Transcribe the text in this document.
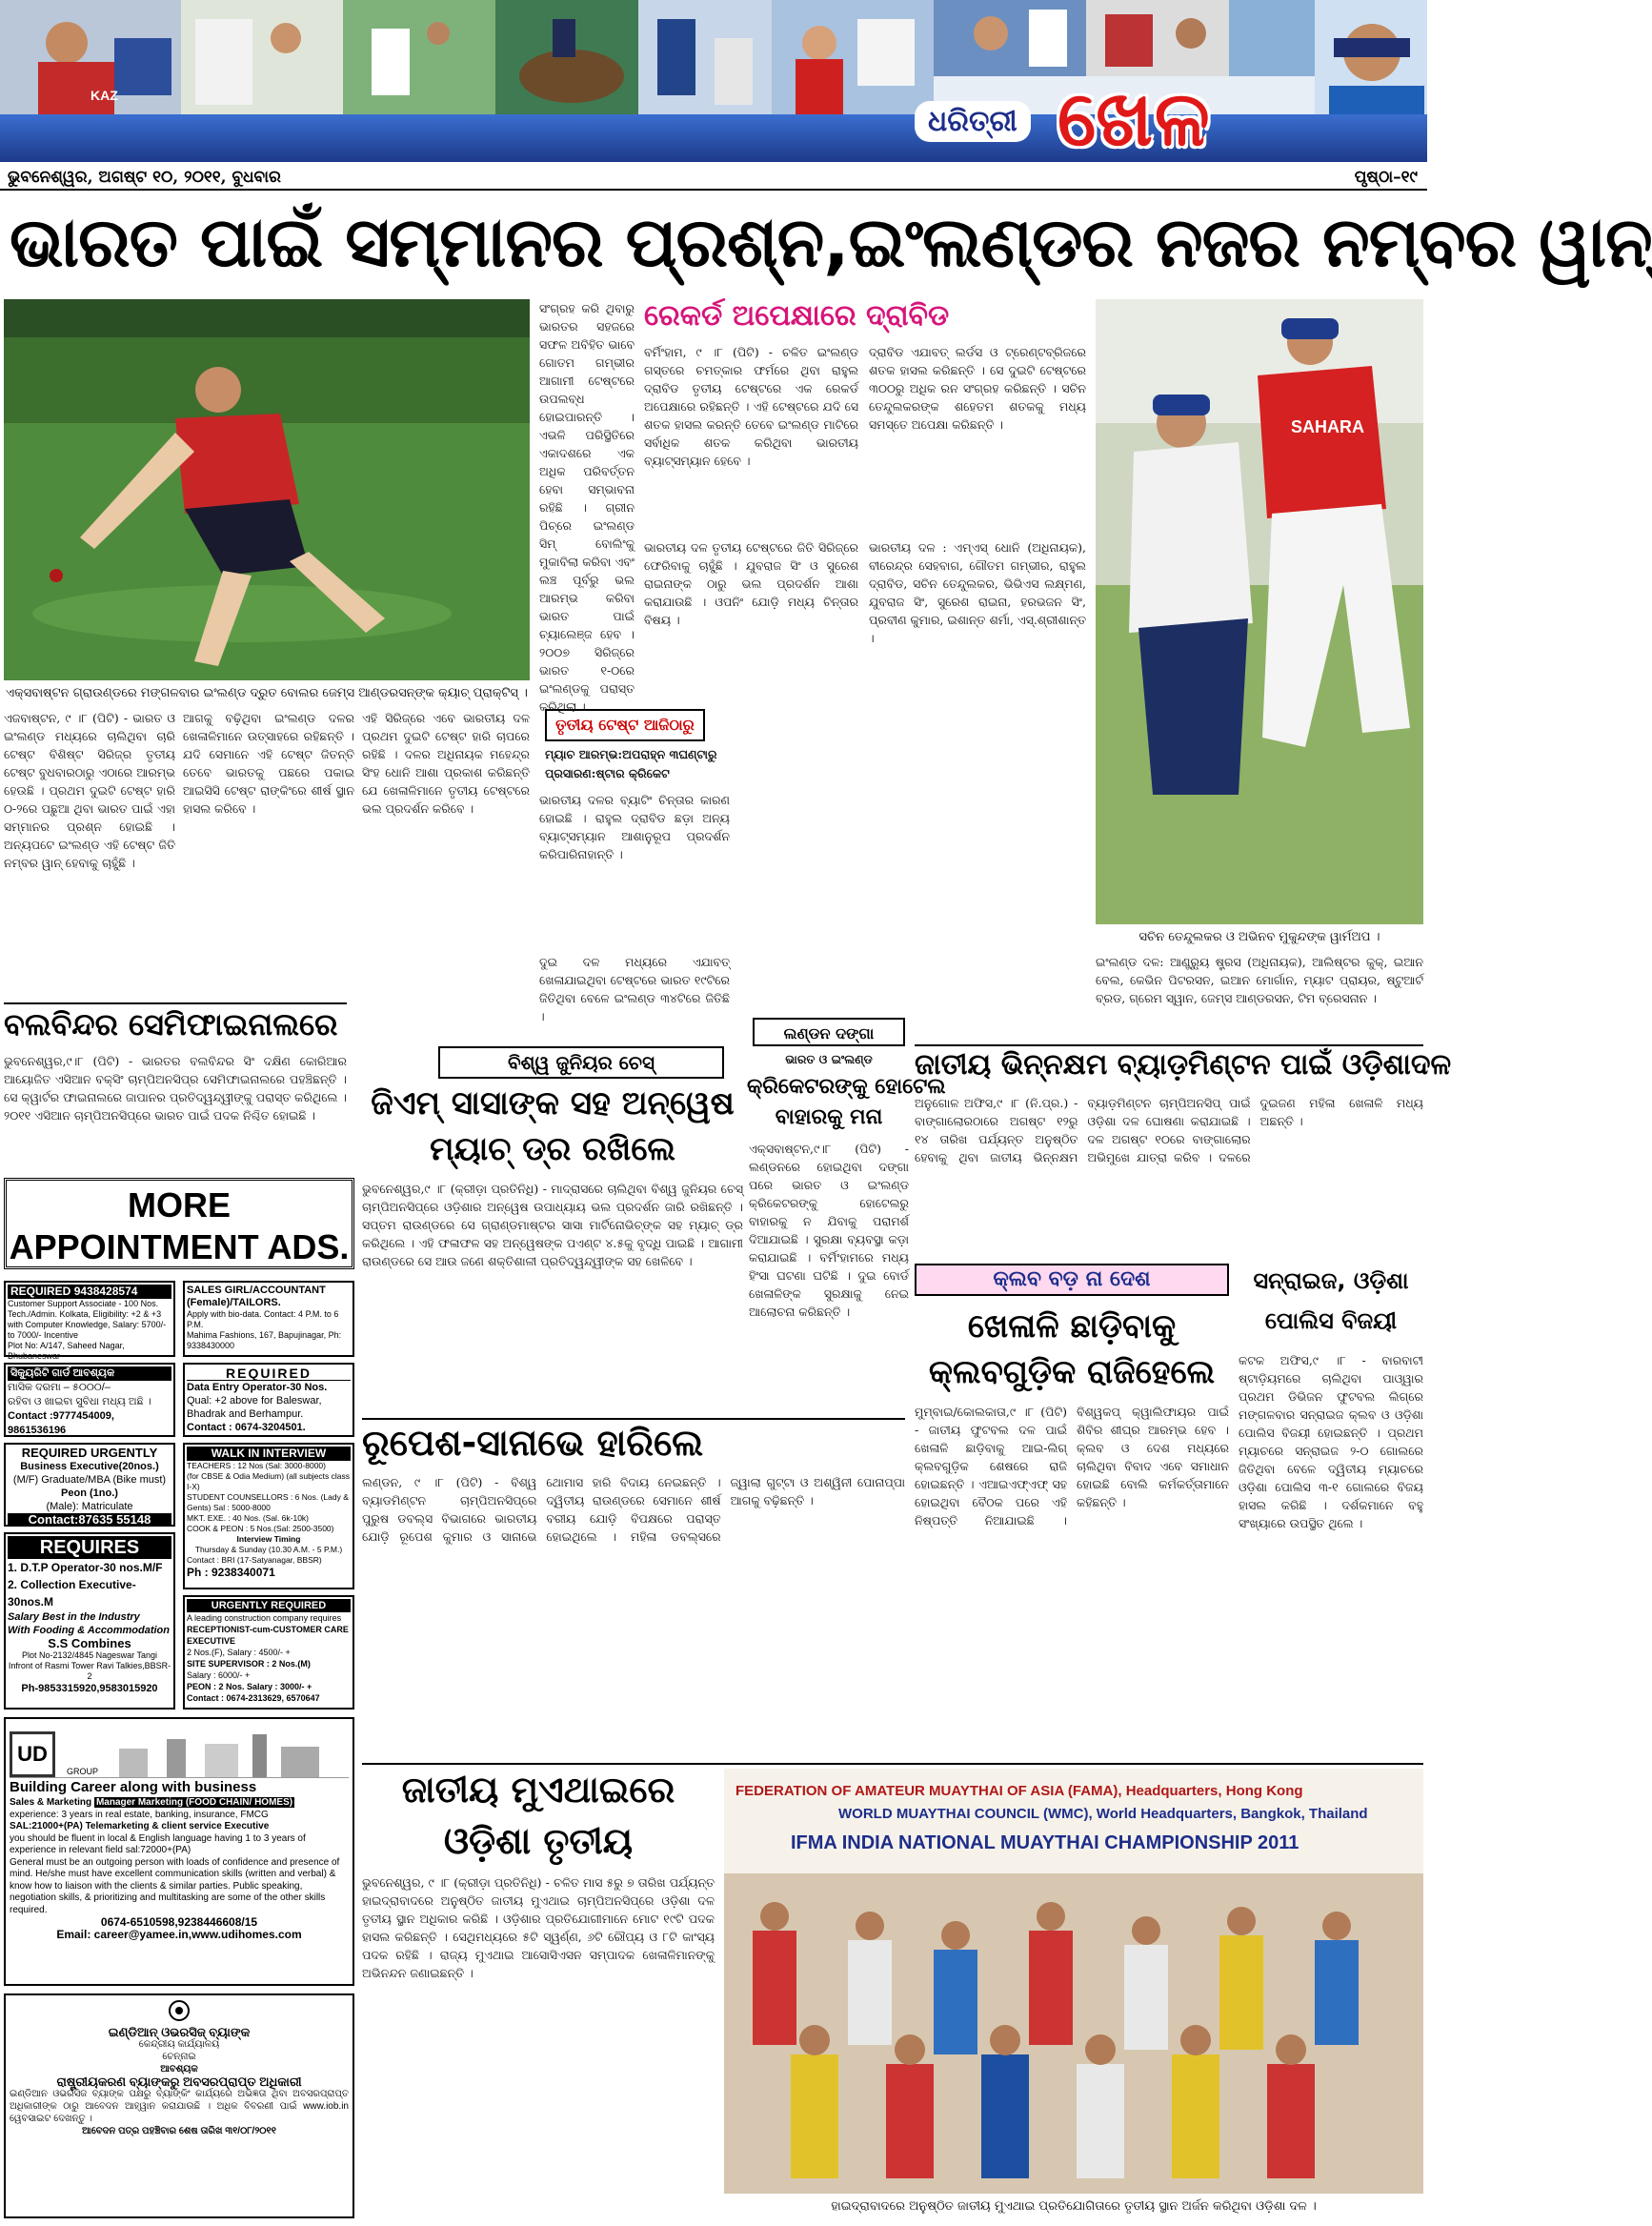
KAZ
ଧରିତ୍ରୀ ଖେଳ
ଭୁବନେଶ୍ୱର, ଅଗଷ୍ଟ ୧୦, ୨୦୧୧, ବୁଧବାର	ପୃଷ୍ଠା–୧୯
ଭାରତ ପାଇଁ ସମ୍ମାନର ପ୍ରଶ୍ନ,ଇଂଲଣ୍ଡର ନଜର ନମ୍ବର ୱାନ୍
ଏକ୍ସବାଷ୍ଟନ ଗ୍ରାଉଣ୍ଡରେ ମଙ୍ଗଳବାର ଇଂଲଣ୍ଡ ଦ୍ରୁତ ବୋଲର ଜେମ୍ସ ଆଣ୍ଡରସନ୍ଙ୍କ କ୍ୟାଚ୍ ପ୍ରାକ୍ଟିସ୍ ।
ସଂଗ୍ରହ କରି ଥିବାରୁ ଭାରତର ସହଜରେ ସଫଳ ଅବିହିତ ଭାବେ ଗୋତମ ଗମ୍ଭୀର ଆଗାମୀ ଟେଷ୍ଟରେ ଉପଲବ୍ଧ ହୋଇପାରନ୍ତି । ଏଭଳି ପରିସ୍ଥିତିରେ ଏକାଦଶରେ ଏକ ଅଧିକ ପରିବର୍ତ୍ତନ ହେବା ସମ୍ଭାବନା ରହିଛି । ଗ୍ରୀନ ପିଚ୍‌ରେ ଇଂଲଣ୍ଡ ସିମ୍ ବୋଲିଂକୁ ମୁକାବିଲା କରିବା ଏବଂ ଲଞ୍ଚ ପୂର୍ବରୁ ଭଲ ଆରମ୍ଭ କରିବା ଭାରତ ପାଇଁ ଚ୍ୟାଲେଞ୍ଜ ହେବ । ୨୦୦୭ ସିରିଜ୍‌ରେ ଭାରତ ୧-୦ରେ ଇଂଲଣ୍ଡକୁ ପରାସ୍ତ କରିଥିଲା ।
ରେକର୍ଡ ଅପେକ୍ଷାରେ ଦ୍ରାବିଡ
ବର୍ମିଂହାମ, ୯ ।୮ (ପିଟି) - ଚଳିତ ଇଂଲଣ୍ଡ ଗସ୍ତରେ ଚମତ୍କାର ଫର୍ମରେ ଥିବା ରାହୁଲ ଦ୍ରାବିଡ ତୃତୀୟ ଟେଷ୍ଟରେ ଏକ ରେକର୍ଡ ଅପେକ୍ଷାରେ ରହିଛନ୍ତି । ଏହି ଟେଷ୍ଟରେ ଯଦି ସେ ଶତକ ହାସଲ କରନ୍ତି ତେବେ ଇଂଲଣ୍ଡ ମାଟିରେ ସର୍ବାଧିକ ଶତକ କରିଥିବା ଭାରତୀୟ ବ୍ୟାଟ୍ସମ୍ୟାନ ହେବେ ।
ଦ୍ରାବିଡ ଏଯାବତ୍ ଲର୍ଡସ ଓ ଟ୍ରେଣ୍ଟବ୍ରିଜରେ ଶତକ ହାସଲ କରିଛନ୍ତି । ସେ ଦୁଇଟି ଟେଷ୍ଟରେ ୩୦୦ରୁ ଅଧିକ ରନ ସଂଗ୍ରହ କରିଛନ୍ତି । ସଚିନ ତେନ୍ଦୁଲକରଙ୍କ ଶହେତମ ଶତକକୁ ମଧ୍ୟ ସମସ୍ତେ ଅପେକ୍ଷା କରିଛନ୍ତି ।	SAHARA
ସଚିନ ତେନ୍ଦୁଲକର ଓ ଅଭିନବ ମୁକୁନ୍ଦଙ୍କ ୱାର୍ମଅପ ।
ଭାରତୀୟ ଦଳ ତୃତୀୟ ଟେଷ୍ଟରେ ଜିତି ସିରିଜ୍‌ରେ ଫେରିବାକୁ ଚାହୁଁଛି । ଯୁବରାଜ ସିଂ ଓ ସୁରେଶ ରାଇନାଙ୍କ ଠାରୁ ଭଲ ପ୍ରଦର୍ଶନ ଆଶା କରାଯାଉଛି । ଓପନିଂ ଯୋଡ଼ି ମଧ୍ୟ ଚିନ୍ତାର ବିଷୟ ।
ଭାରତୀୟ ଦଳ : ଏମ୍ଏସ୍ ଧୋନି (ଅଧିନାୟକ), ବୀରେନ୍ଦ୍ର ସେହବାଗ, ଗୌତମ ଗମ୍ଭୀର, ରାହୁଲ ଦ୍ରାବିଡ, ସଚିନ ତେନ୍ଦୁଲକର, ଭିଭିଏସ ଲକ୍ଷ୍ମଣ, ଯୁବରାଜ ସିଂ, ସୁରେଶ ରାଇନା, ହରଭଜନ ସିଂ, ପ୍ରବୀଣ କୁମାର, ଇଶାନ୍ତ ଶର୍ମା, ଏସ୍.ଶ୍ରୀଶାନ୍ତ ।
ଏଜବାଷ୍ଟନ, ୯ ।୮ (ପିଟି) - ଭାରତ ଓ ଇଂଲଣ୍ଡ ମଧ୍ୟରେ ଚାଲିଥିବା ଚାରି ଟେଷ୍ଟ ବିଶିଷ୍ଟ ସିରିଜ୍‌ର ତୃତୀୟ ଟେଷ୍ଟ ବୁଧବାରଠାରୁ ଏଠାରେ ଆରମ୍ଭ ହେଉଛି । ପ୍ରଥମ ଦୁଇଟି ଟେଷ୍ଟ ହାରି ୦-୨ରେ ପଛୁଆ ଥିବା ଭାରତ ପାଇଁ ଏହା ସମ୍ମାନର ପ୍ରଶ୍ନ ହୋଇଛି । ଅନ୍ୟପଟେ ଇଂଲଣ୍ଡ ଏହି ଟେଷ୍ଟ ଜିତି ନମ୍ବର ୱାନ୍ ହେବାକୁ ଚାହୁଁଛି ।
ଆଗକୁ ବଢ଼ିଥିବା ଇଂଲଣ୍ଡ ଦଳର ଖେଳାଳିମାନେ ଉତ୍ସାହରେ ରହିଛନ୍ତି । ଯଦି ସେମାନେ ଏହି ଟେଷ୍ଟ ଜିତନ୍ତି ତେବେ ଭାରତକୁ ପଛରେ ପକାଇ ଆଇସିସି ଟେଷ୍ଟ ରାଙ୍କିଂରେ ଶୀର୍ଷ ସ୍ଥାନ ହାସଲ କରିବେ ।
ଏହି ସିରିଜ୍‌ରେ ଏବେ ଭାରତୀୟ ଦଳ ପ୍ରଥମ ଦୁଇଟି ଟେଷ୍ଟ ହାରି ଚାପରେ ରହିଛି । ଦଳର ଅଧିନାୟକ ମହେନ୍ଦ୍ର ସିଂହ ଧୋନି ଆଶା ପ୍ରକାଶ କରିଛନ୍ତି ଯେ ଖେଳାଳିମାନେ ତୃତୀୟ ଟେଷ୍ଟରେ ଭଲ ପ୍ରଦର୍ଶନ କରିବେ ।
ତୃତୀୟ ଟେଷ୍ଟ ଆଜିଠାରୁ
ମ୍ୟାଚ ଆରମ୍ଭ:ଅପରାହ୍ନ ୩ଘଣ୍ଟାରୁ
ପ୍ରସାରଣ:ଷ୍ଟାର କ୍ରିକେଟ
ଭାରତୀୟ ଦଳର ବ୍ୟାଟିଂ ଚିନ୍ତାର କାରଣ ହୋଇଛି । ରାହୁଲ ଦ୍ରାବିଡ ଛଡ଼ା ଅନ୍ୟ ବ୍ୟାଟ୍ସମ୍ୟାନ ଆଶାନୁରୂପ ପ୍ରଦର୍ଶନ କରିପାରିନାହାନ୍ତି ।
ଦୁଇ ଦଳ ମଧ୍ୟରେ ଏଯାବତ୍ ଖେଳାଯାଇଥିବା ଟେଷ୍ଟରେ ଭାରତ ୧୯ଟିରେ ଜିତିଥିବା ବେଳେ ଇଂଲଣ୍ଡ ୩୪ଟିରେ ଜିତିଛି ।
ଇଂଲଣ୍ଡ ଦଳ: ଆଣ୍ଡ୍ର୍ୟୁ ଷ୍ଟ୍ରସ (ଅଧିନାୟକ), ଆଲିଷ୍ଟର କୁକ୍, ଇଆନ ବେଲ, କେଭିନ ପିଟରସନ, ଇଆନ ମୋର୍ଗାନ, ମ୍ୟାଟ ପ୍ରାୟର, ଷ୍ଟୁଆର୍ଟ ବ୍ରଡ, ଗ୍ରେମ ସ୍ୱାନ, ଜେମ୍ସ ଆଣ୍ଡରସନ, ଟିମ ବ୍ରେସନାନ ।
ବଲବିନ୍ଦର ସେମିଫାଇନାଲରେ
ଭୁବନେଶ୍ୱର,୯।୮ (ପିଟି) - ଭାରତର ବଲବିନ୍ଦର ସିଂ ଦକ୍ଷିଣ କୋରିଆର ଆୟୋଜିତ ଏସିଆନ ବକ୍ସିଂ ଚାମ୍ପିଅନସିପ୍‌ର ସେମିଫାଇନାଲରେ ପହଞ୍ଚିଛନ୍ତି । ସେ କ୍ୱାର୍ଟର ଫାଇନାଲରେ ଜାପାନର ପ୍ରତିଦ୍ୱନ୍ଦ୍ୱୀଙ୍କୁ ପରାସ୍ତ କରିଥିଲେ । ୨୦୧୧ ଏସିଆନ ଚାମ୍ପିଅନସିପ୍‌ରେ ଭାରତ ପାଇଁ ପଦକ ନିଶ୍ଚିତ ହୋଇଛି ।
ବିଶ୍ୱ ଜୁନିୟର ଚେସ୍
ଜିଏମ୍ ସାସାଙ୍କ ସହ ଅନ୍ୱେଷ
ମ୍ୟାଚ୍ ଡ୍ର ରଖିଲେ
ଭୁବନେଶ୍ୱର,୯ ।୮ (କ୍ରୀଡ଼ା ପ୍ରତିନିଧି) - ମାଦ୍ରାସରେ ଚାଲିଥିବା ବିଶ୍ୱ ଜୁନିୟର ଚେସ୍ ଚାମ୍ପିଅନସିପ୍‌ରେ ଓଡ଼ିଶାର ଅନ୍ୱେଷ ଉପାଧ୍ୟାୟ ଭଲ ପ୍ରଦର୍ଶନ ଜାରି ରଖିଛନ୍ତି । ସପ୍ତମ ରାଉଣ୍ଡରେ ସେ ଗ୍ରାଣ୍ଡମାଷ୍ଟର ସାସା ମାର୍ଟିନୋଭିଚ୍‌ଙ୍କ ସହ ମ୍ୟାଚ୍ ଡ୍ର କରିଥିଲେ । ଏହି ଫଳାଫଳ ସହ ଅନ୍ୱେଷଙ୍କ ପଏଣ୍ଟ ୪.୫କୁ ବୃଦ୍ଧି ପାଇଛି । ଆଗାମୀ ରାଉଣ୍ଡରେ ସେ ଆଉ ଜଣେ ଶକ୍ତିଶାଳୀ ପ୍ରତିଦ୍ୱନ୍ଦ୍ୱୀଙ୍କ ସହ ଖେଳିବେ ।
ଲଣ୍ଡନ ଦଙ୍ଗା
ଭାରତ ଓ ଇଂଲଣ୍ଡ
କ୍ରିକେଟରଙ୍କୁ ହୋଟେଲ
ବାହାରକୁ ମନା
ଏକ୍ସବାଷ୍ଟନ,୯।୮ (ପିଟି) - ଲଣ୍ଡନରେ ହୋଇଥିବା ଦଙ୍ଗା ପରେ ଭାରତ ଓ ଇଂଲଣ୍ଡ କ୍ରିକେଟରଙ୍କୁ ହୋଟେଲରୁ ବାହାରକୁ ନ ଯିବାକୁ ପରାମର୍ଶ ଦିଆଯାଇଛି । ସୁରକ୍ଷା ବ୍ୟବସ୍ଥା କଡ଼ା କରାଯାଇଛି । ବର୍ମିଂହାମରେ ମଧ୍ୟ ହିଂସା ଘଟଣା ଘଟିଛି । ଦୁଇ ବୋର୍ଡ ଖେଳାଳିଙ୍କ ସୁରକ୍ଷାକୁ ନେଇ ଆଲୋଚନା କରିଛନ୍ତି ।
ଜାତୀୟ ଭିନ୍ନକ୍ଷମ ବ୍ୟାଡ଼ମିଣ୍ଟନ ପାଇଁ ଓଡ଼ିଶାଦଳ
ଅନୁଗୋଳ ଅଫିସ,୯ ।୮ (ନି.ପ୍ର.) - ବାଙ୍ଗାଲୋରଠାରେ ଅଗଷ୍ଟ ୧୨ରୁ ୧୪ ତାରିଖ ପର୍ଯ୍ୟନ୍ତ ଅନୁଷ୍ଠିତ ହେବାକୁ ଥିବା ଜାତୀୟ ଭିନ୍ନକ୍ଷମ ବ୍ୟାଡ଼ମିଣ୍ଟନ ଚାମ୍ପିଅନସିପ୍ ପାଇଁ ଓଡ଼ିଶା ଦଳ ଘୋଷଣା କରାଯାଇଛି । ଦଳ ଅଗଷ୍ଟ ୧୦ରେ ବାଙ୍ଗାଲୋର ଅଭିମୁଖେ ଯାତ୍ରା କରିବ । ଦଳରେ ଦୁଇଜଣ ମହିଳା ଖେଳାଳି ମଧ୍ୟ ଅଛନ୍ତି ।
କ୍ଲବ ବଡ଼ ନା ଦେଶ
ଖେଳାଳି ଛାଡ଼ିବାକୁ
କ୍ଲବଗୁଡ଼ିକ ରାଜିହେଲେ
ମୁମ୍ବାଇ/କୋଲକାତା,୯ ।୮ (ପିଟି) - ଜାତୀୟ ଫୁଟବଲ ଦଳ ପାଇଁ ଖେଳାଳି ଛାଡ଼ିବାକୁ ଆଇ-ଲିଗ୍ କ୍ଲବଗୁଡ଼ିକ ଶେଷରେ ରାଜି ହୋଇଛନ୍ତି । ଏଆଇଏଫ୍ଏଫ୍ ସହ ହୋଇଥିବା ବୈଠକ ପରେ ଏହି ନିଷ୍ପତ୍ତି ନିଆଯାଇଛି । ବିଶ୍ୱକପ୍ କ୍ୱାଲିଫାୟର ପାଇଁ ଶିବିର ଶୀଘ୍ର ଆରମ୍ଭ ହେବ । କ୍ଲବ ଓ ଦେଶ ମଧ୍ୟରେ ଚାଲିଥିବା ବିବାଦ ଏବେ ସମାଧାନ ହୋଇଛି ବୋଲି କର୍ମକର୍ତ୍ତାମାନେ କହିଛନ୍ତି ।
ସନ୍‌ରାଇଜ, ଓଡ଼ିଶା
ପୋଲିସ ବିଜୟୀ
କଟକ ଅଫିସ,୯ ।୮ - ବାରବାଟୀ ଷ୍ଟାଡ଼ିୟମରେ ଚାଲିଥିବା ପାଓ୍ୱାର ପ୍ରଥମ ଡିଭିଜନ ଫୁଟବଲ ଲିଗ୍‌ରେ ମଙ୍ଗଳବାର ସନ୍‌ରାଇଜ କ୍ଲବ ଓ ଓଡ଼ିଶା ପୋଲିସ ବିଜୟୀ ହୋଇଛନ୍ତି । ପ୍ରଥମ ମ୍ୟାଚରେ ସନ୍‌ରାଇଜ ୨-୦ ଗୋଲରେ ଜିତିଥିବା ବେଳେ ଦ୍ୱିତୀୟ ମ୍ୟାଚରେ ଓଡ଼ିଶା ପୋଲିସ ୩-୧ ଗୋଲରେ ବିଜୟ ହାସଲ କରିଛି । ଦର୍ଶକମାନେ ବହୁ ସଂଖ୍ୟାରେ ଉପସ୍ଥିତ ଥିଲେ ।
ରୂପେଶ-ସାନାଭେ ହାରିଲେ
ଲଣ୍ଡନ, ୯ ।୮ (ପିଟି) - ବିଶ୍ୱ ବ୍ୟାଡମିଣ୍ଟନ ଚାମ୍ପିଅନସିପ୍‌ରେ ପୁରୁଷ ଡବଲ୍‌ସ ବିଭାଗରେ ଭାରତୀୟ ଯୋଡ଼ି ରୂପେଶ କୁମାର ଓ ସାନାଭେ ଥୋମାସ ହାରି ବିଦାୟ ନେଇଛନ୍ତି । ଦ୍ୱିତୀୟ ରାଉଣ୍ଡରେ ସେମାନେ ଶୀର୍ଷ ବରୀୟ ଯୋଡ଼ି ବିପକ୍ଷରେ ପରାସ୍ତ ହୋଇଥିଲେ । ମହିଳା ଡବଲ୍‌ସରେ ଜ୍ୱାଲା ଗୁଟ୍ଟା ଓ ଅଶ୍ୱିନୀ ପୋନାପ୍ପା ଆଗକୁ ବଢ଼ିଛନ୍ତି ।
ଜାତୀୟ ମୁଏଥାଇରେ
ଓଡ଼ିଶା ତୃତୀୟ
ଭୁବନେଶ୍ୱର, ୯ ।୮ (କ୍ରୀଡ଼ା ପ୍ରତିନିଧି) - ଚଳିତ ମାସ ୫ରୁ ୭ ତାରିଖ ପର୍ଯ୍ୟନ୍ତ ହାଇଦ୍ରାବାଦରେ ଅନୁଷ୍ଠିତ ଜାତୀୟ ମୁଏଥାଇ ଚାମ୍ପିଅନସିପ୍‌ରେ ଓଡ଼ିଶା ଦଳ ତୃତୀୟ ସ୍ଥାନ ଅଧିକାର କରିଛି । ଓଡ଼ିଶାର ପ୍ରତିଯୋଗୀମାନେ ମୋଟ ୧୯ଟି ପଦକ ହାସଲ କରିଛନ୍ତି । ସେଥିମଧ୍ୟରେ ୫ଟି ସ୍ୱର୍ଣ୍ଣ, ୬ଟି ରୌପ୍ୟ ଓ ୮ଟି କାଂସ୍ୟ ପଦକ ରହିଛି । ରାଜ୍ୟ ମୁଏଥାଇ ଆସୋସିଏସନ ସମ୍ପାଦକ ଖେଳାଳିମାନଙ୍କୁ ଅଭିନନ୍ଦନ ଜଣାଇଛନ୍ତି ।
FEDERATION OF AMATEUR MUAYTHAI OF ASIA (FAMA), Headquarters, Hong Kong
WORLD MUAYTHAI COUNCIL (WMC), World Headquarters, Bangkok, Thailand
IFMA INDIA NATIONAL MUAYTHAI CHAMPIONSHIP 2011
ହାଇଦ୍ରାବାଦରେ ଅନୁଷ୍ଠିତ ଜାତୀୟ ମୁଏଥାଇ ପ୍ରତିଯୋଗିତାରେ ତୃତୀୟ ସ୍ଥାନ ଅର୍ଜନ କରିଥିବା ଓଡ଼ିଶା ଦଳ ।
MORE
APPOINTMENT ADS.
REQUIRED 9438428574
Customer Support Associate - 100 Nos.
Tech./Admin. Kolkata, Eligibility: +2 & +3 with Computer Knowledge, Salary: 5700/- to 7000/- Incentive
Plot No: A/147, Saheed Nagar, Bhubaneswar
SALES GIRL/ACCOUNTANT (Female)/TAILORS.
Apply with bio-data. Contact: 4 P.M. to 6 P.M.
Mahima Fashions, 167, Bapujinagar, Ph: 9338430000
ସିକ୍ୟୁରିଟି ଗାର୍ଡ ଆବଶ୍ୟକ
ମାସିକ ଦରମା – ୫୦୦୦/–
ରହିବା ଓ ଖାଇବା ସୁବିଧା ମଧ୍ୟ ଅଛି ।
Contact :9777454009, 9861536196
REQUIRED
Data Entry Operator-30 Nos.
Qual: +2 above for Baleswar, Bhadrak and Berhampur.
Contact : 0674-3204501.
REQUIRED URGENTLY
Business Executive(20nos.)
(M/F) Graduate/MBA (Bike must)
Peon (1no.)
(Male): Matriculate
Contact:87635 55148
WALK IN INTERVIEW
TEACHERS : 12 Nos (Sal: 3000-8000)
(for CBSE & Odia Medium) (all subjects class I-X)
STUDENT COUNSELLORS : 6 Nos. (Lady & Gents) Sal : 5000-8000
MKT. EXE. : 40 Nos. (Sal. 6k-10k)
COOK & PEON : 5 Nos.(Sal: 2500-3500)
Interview Timing
Thursday & Sunday (10.30 A.M. - 5 P.M.)
Contact : BRI (17-Satyanagar, BBSR)
Ph : 9238340071
REQUIRES
1. D.T.P Operator-30 nos.M/F
2. Collection Executive-30nos.M
Salary Best in the Industry
With Fooding & Accommodation
S.S Combines
Plot No-2132/4845 Nageswar Tangi
Infront of Rasmi Tower Ravi Talkies,BBSR-2
Ph-9853315920,9583015920
URGENTLY REQUIRED
A leading construction company requires
RECEPTIONIST-cum-CUSTOMER CARE EXECUTIVE
2 Nos.(F), Salary : 4500/- +
SITE SUPERVISOR : 2 Nos.(M)
Salary : 6000/- +
PEON : 2 Nos. Salary : 3000/- +
Contact : 0674-2313629, 6570647
UD
GROUP
Building Career along with business
Sales & Marketing Manager Marketing (FOOD CHAIN/ HOMES)
experience: 3 years in real estate, banking, insurance, FMCG
SAL:21000+(PA) Telemarketing & client service Executive
you should be fluent in local & English language having 1 to 3 years of experience in relevant field sal:72000+(PA)
General must be an outgoing person with loads of confidence and presence of mind. He/she must have excellent communication skills (written and verbal) & know how to liaison with the clients & similar parties. Public speaking, negotiation skills, & prioritizing and multitasking are some of the other skills required.
0674-6510598,9238446608/15
Email: career@yamee.in,www.udihomes.com
ଇଣ୍ଡିଆନ୍ ଓଭରସିଜ୍ ବ୍ୟାଙ୍କ
କେନ୍ଦ୍ରୀୟ କାର୍ଯ୍ୟାଳୟ
ଚେନ୍ନାଇ
ଆବଶ୍ୟକ
ରାଷ୍ଟ୍ରୀୟକରଣ ବ୍ୟାଙ୍କରୁ ଅବସରପ୍ରାପ୍ତ ଅଧିକାରୀ
ଇଣ୍ଡିଆନ ଓଭରସିଜ ବ୍ୟାଙ୍କ ପକ୍ଷରୁ ବ୍ୟାଙ୍କିଂ କାର୍ଯ୍ୟରେ ଅଭିଜ୍ଞତା ଥିବା ଅବସରପ୍ରାପ୍ତ ଅଧିକାରୀଙ୍କ ଠାରୁ ଆବେଦନ ଆହ୍ୱାନ କରାଯାଉଛି । ଅଧିକ ବିବରଣୀ ପାଇଁ www.iob.in ୱେବସାଇଟ ଦେଖନ୍ତୁ ।
ଆବେଦନ ପତ୍ର ପହଞ୍ଚିବାର ଶେଷ ତାରିଖ ୩୧/୦୮/୨୦୧୧
